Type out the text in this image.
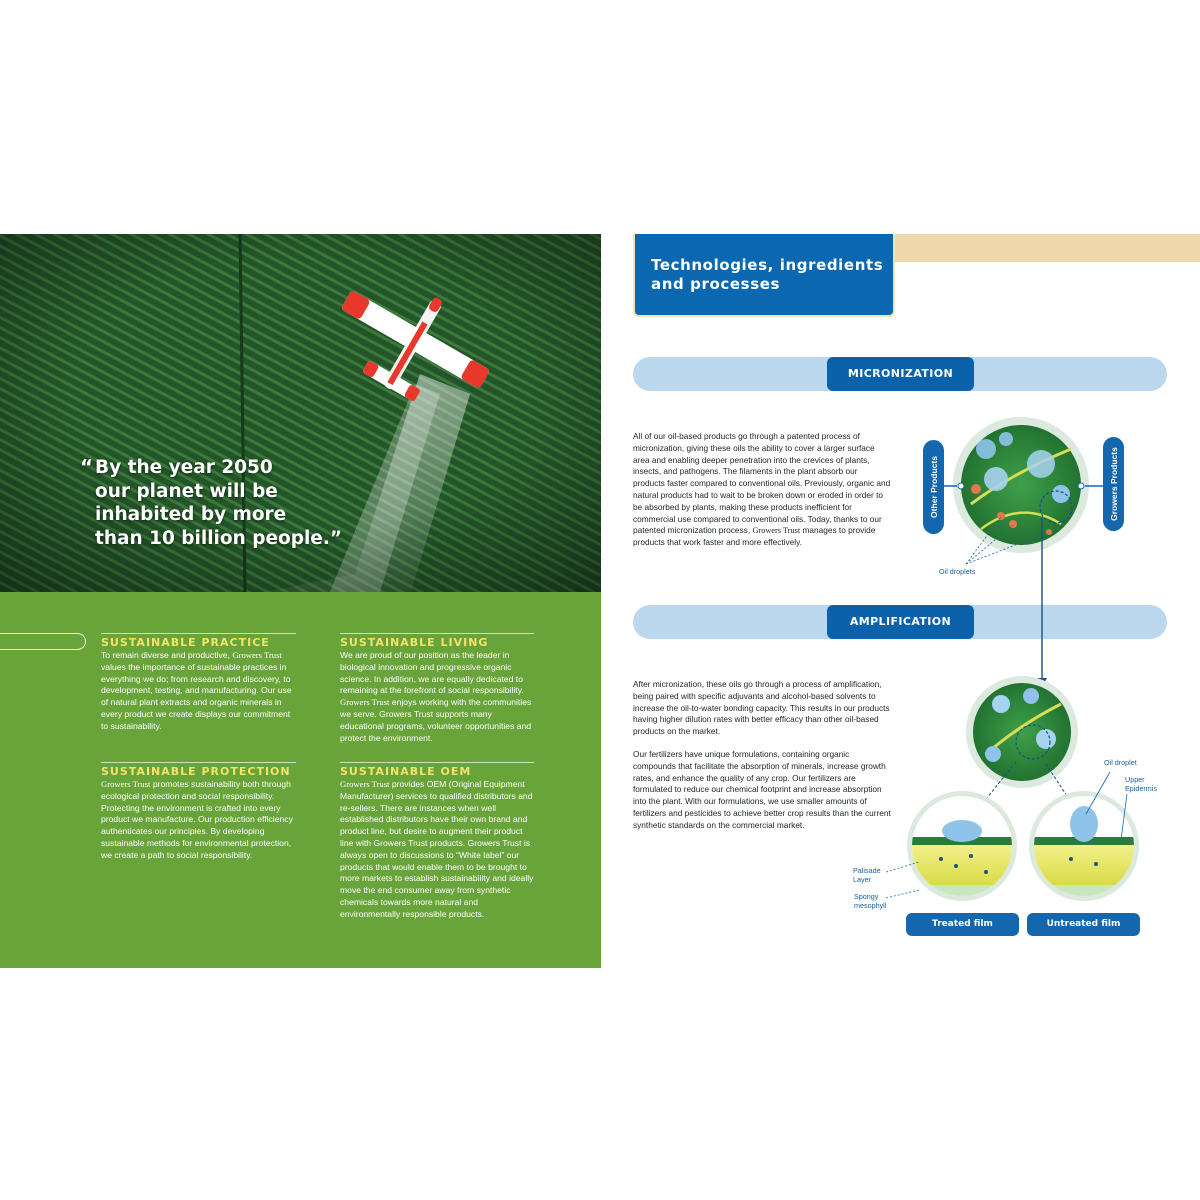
“ By the year 2050
our planet will be
inhabited by more
than 10 billion people.”
SUSTAINABLE PRACTICE

To remain diverse and productive, Growers Trust values the importance of sustainable practices in everything we do; from research and discovery, to development, testing, and manufacturing. Our use of natural plant extracts and organic minerals in every product we create displays our commitment to sustainability.

SUSTAINABLE LIVING

We are proud of our position as the leader in biological innovation and progressive organic science. In addition, we are equally dedicated to remaining at the forefront of social responsibility. Growers Trust enjoys working with the communities we serve. Growers Trust supports many educational programs, volunteer opportunities and protect the environment.

SUSTAINABLE PROTECTION

Growers Trust promotes sustainability both through ecological protection and social responsibility. Protecting the environment is crafted into every product we manufacture. Our production efficiency authenticates our principles. By developing sustainable methods for environmental protection, we create a path to social responsibility.

SUSTAINABLE OEM

Growers Trust provides OEM (Original Equipment Manufacturer) services to qualified distributors and re-sellers. There are instances when well established distributors have their own brand and product line, but desire to augment their product line with Growers Trust products. Growers Trust is always open to discussions to “White label” our products that would enable them to be brought to more markets to establish sustainability and ideally move the end consumer away from synthetic chemicals towards more natural and environmentally responsible products.

Technologies, ingredients and processes
MICRONIZATION
AMPLIFICATION

All of our oil-based products go through a patented process of micronization, giving these oils the ability to cover a larger surface area and enabling deeper penetration into the crevices of plants, insects, and pathogens. The filaments in the plant absorb our products faster compared to conventional oils. Previously, organic and natural products had to wait to be broken down or eroded in order to be absorbed by plants, making these products inefficient for commercial use compared to conventional oils. Today, thanks to our patented micronization process, Growers Trust manages to provide products that work faster and more effectively.

After micronization, these oils go through a process of amplification, being paired with specific adjuvants and alcohol-based solvents to increase the oil-to-water bonding capacity. This results in our products having higher dilution rates with better efficacy than other oil-based products on the market.

Our fertilizers have unique formulations, containing organic compounds that facilitate the absorption of minerals, increase growth rates, and enhance the quality of any crop. Our fertilizers are formulated to reduce our chemical footprint and increase absorption into the plant. With our formulations, we use smaller amounts of fertilizers and pesticides to achieve better crop results than the current synthetic standards on the commercial market.

Other Products	Growers Products
Oil droplets
Oil droplet
Upper Epidermis
Palisade Layer
Spongy mesophyll
Treated film	Untreated film
